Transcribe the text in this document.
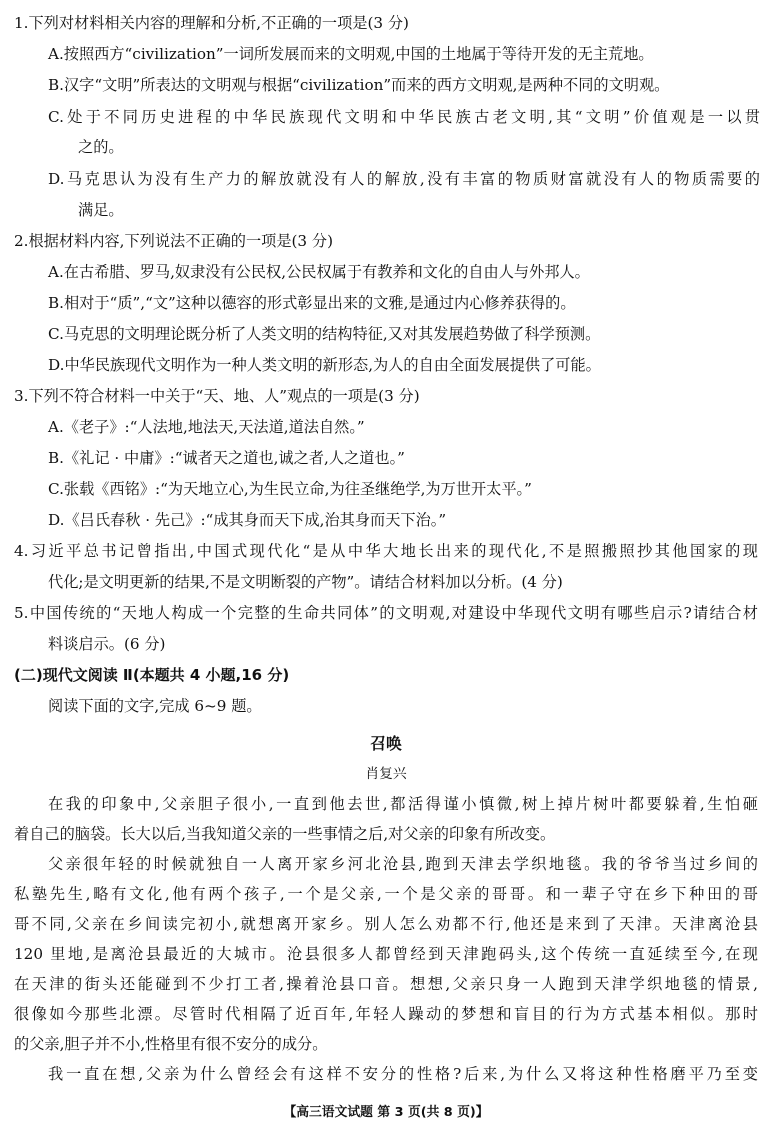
1.下列对材料相关内容的理解和分析,不正确的一项是(3 分)
A.按照西方“civilization”一词所发展而来的文明观,中国的土地属于等待开发的无主荒地。
B.汉字“文明”所表达的文明观与根据“civilization”而来的西方文明观,是两种不同的文明观。
C.处于不同历史进程的中华民族现代文明和中华民族古老文明,其“文明”价值观是一以贯
之的。
D.马克思认为没有生产力的解放就没有人的解放,没有丰富的物质财富就没有人的物质需要的
满足。
2.根据材料内容,下列说法不正确的一项是(3 分)
A.在古希腊、罗马,奴隶没有公民权,公民权属于有教养和文化的自由人与外邦人。
B.相对于“质”,“文”这种以德容的形式彰显出来的文雅,是通过内心修养获得的。
C.马克思的文明理论既分析了人类文明的结构特征,又对其发展趋势做了科学预测。
D.中华民族现代文明作为一种人类文明的新形态,为人的自由全面发展提供了可能。
3.下列不符合材料一中关于“天、地、人”观点的一项是(3 分)
A.《老子》:“人法地,地法天,天法道,道法自然。”
B.《礼记 · 中庸》:“诚者天之道也,诚之者,人之道也。”
C.张载《西铭》:“为天地立心,为生民立命,为往圣继绝学,为万世开太平。”
D.《吕氏春秋 · 先己》:“成其身而天下成,治其身而天下治。”
4.习近平总书记曾指出,中国式现代化“是从中华大地长出来的现代化,不是照搬照抄其他国家的现
代化;是文明更新的结果,不是文明断裂的产物”。请结合材料加以分析。(4 分)
5.中国传统的“天地人构成一个完整的生命共同体”的文明观,对建设中华现代文明有哪些启示?请结合材
料谈启示。(6 分)
(二)现代文阅读 Ⅱ(本题共 4 小题,16 分)
阅读下面的文字,完成 6~9 题。
召唤
肖复兴
在我的印象中,父亲胆子很小,一直到他去世,都活得谨小慎微,树上掉片树叶都要躲着,生怕砸
着自己的脑袋。长大以后,当我知道父亲的一些事情之后,对父亲的印象有所改变。
父亲很年轻的时候就独自一人离开家乡河北沧县,跑到天津去学织地毯。我的爷爷当过乡间的
私塾先生,略有文化,他有两个孩子,一个是父亲,一个是父亲的哥哥。和一辈子守在乡下种田的哥
哥不同,父亲在乡间读完初小,就想离开家乡。别人怎么劝都不行,他还是来到了天津。天津离沧县
120 里地,是离沧县最近的大城市。沧县很多人都曾经到天津跑码头,这个传统一直延续至今,在现
在天津的街头还能碰到不少打工者,操着沧县口音。想想,父亲只身一人跑到天津学织地毯的情景,
很像如今那些北漂。尽管时代相隔了近百年,年轻人躁动的梦想和盲目的行为方式基本相似。那时
的父亲,胆子并不小,性格里有很不安分的成分。
我一直在想,父亲为什么曾经会有这样不安分的性格?后来,为什么又将这种性格磨平乃至变
【高三语文试题 第 3 页(共 8 页)】
